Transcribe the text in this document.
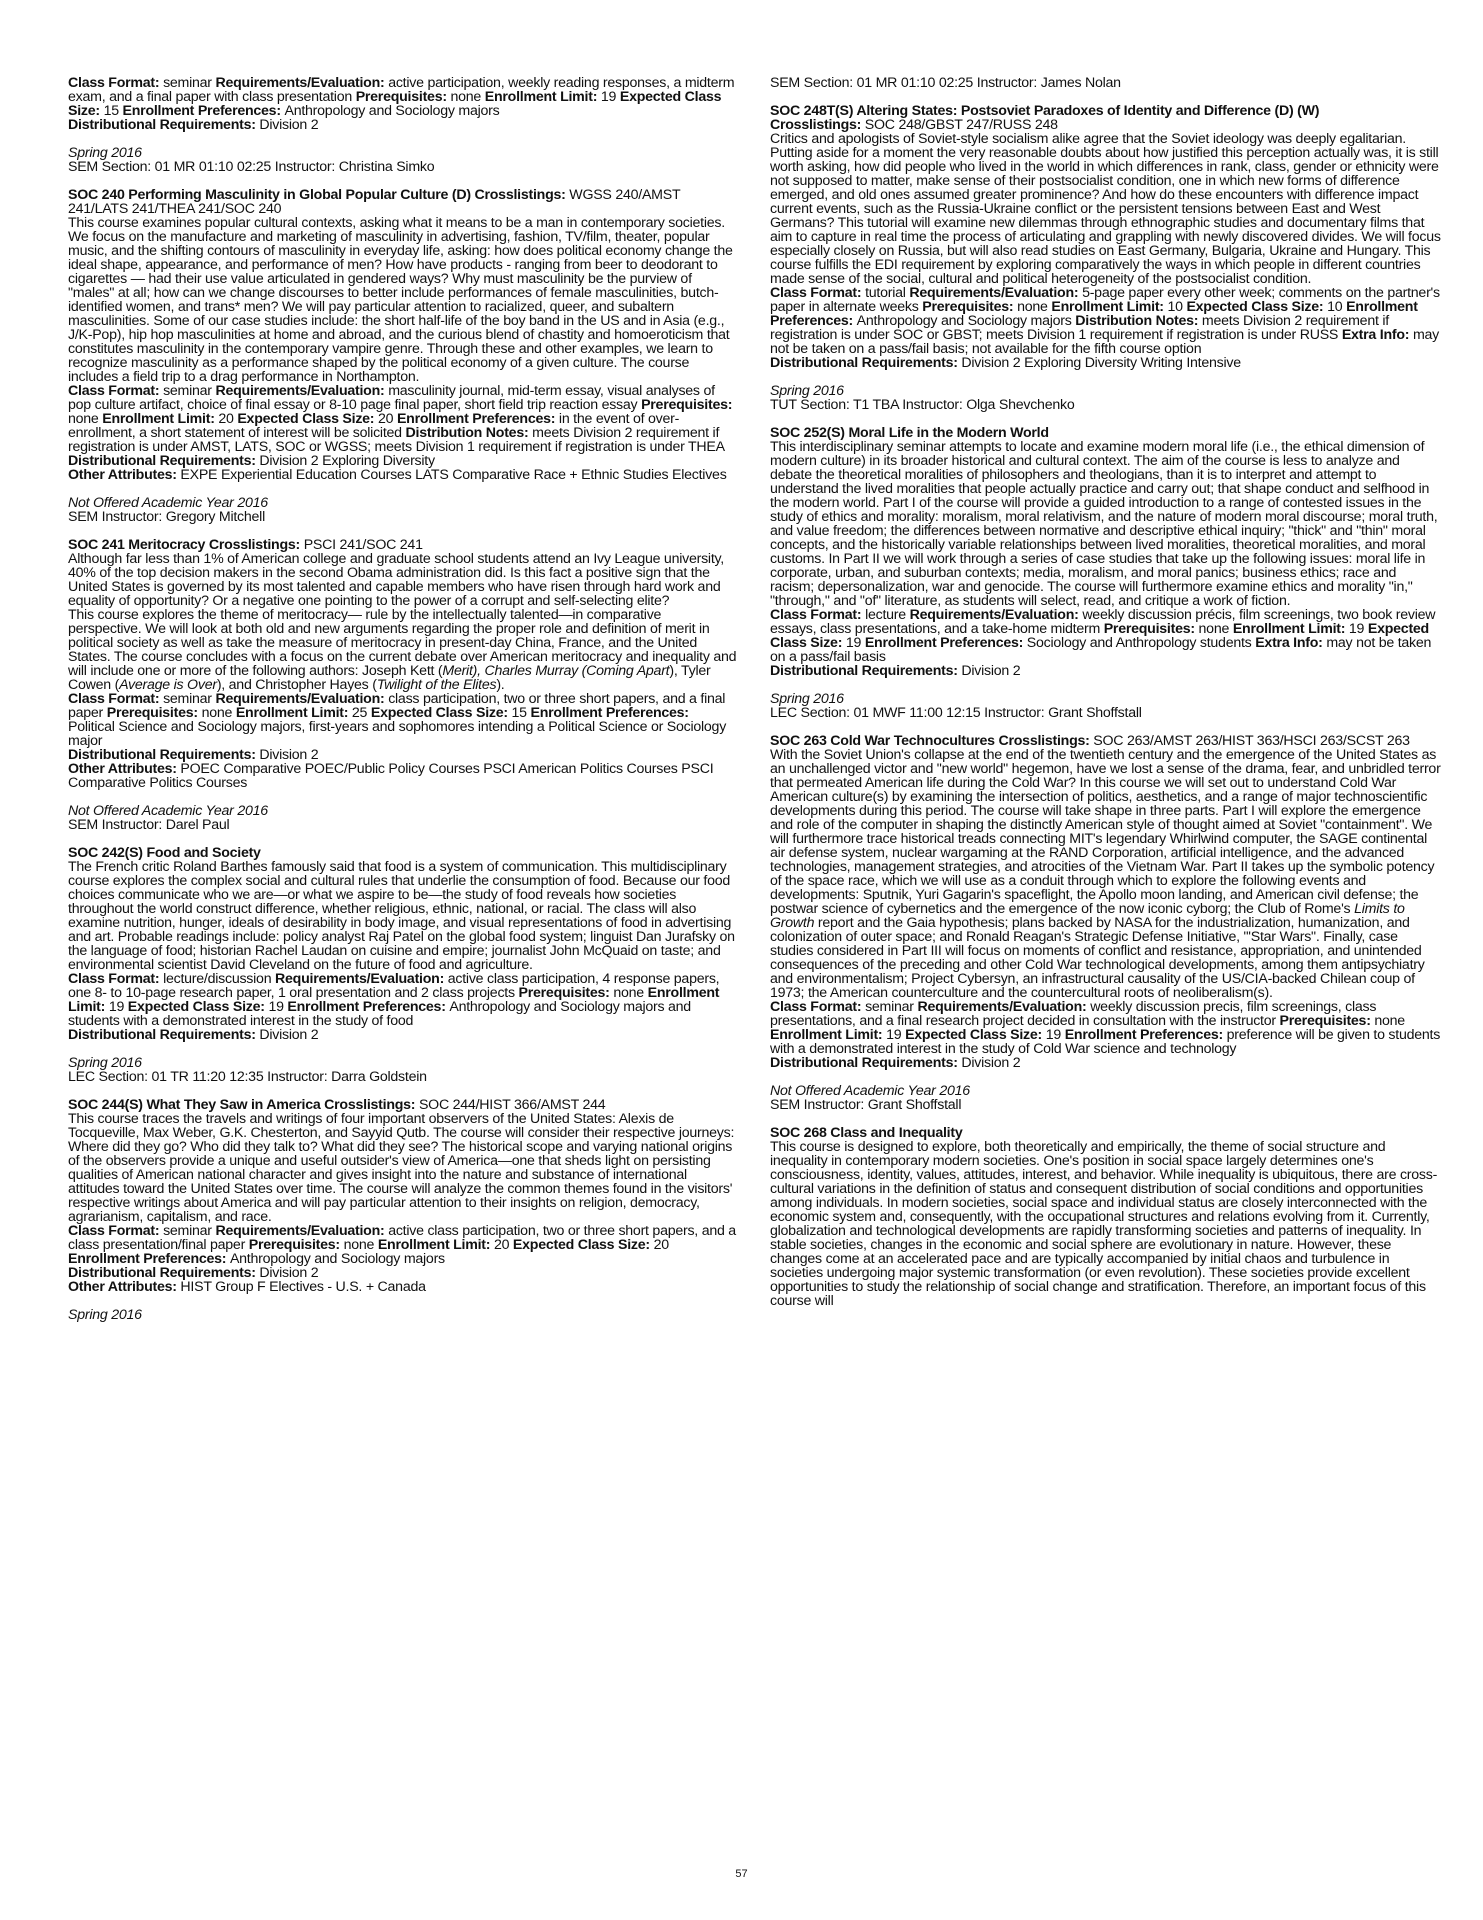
Class Format: seminar Requirements/Evaluation: active participation, weekly reading responses, a midterm exam, and a final paper with class presentation Prerequisites: none Enrollment Limit: 19 Expected Class Size: 15 Enrollment Preferences: Anthropology and Sociology majors
Distributional Requirements: Division 2
Spring 2016
SEM Section: 01 MR 01:10 02:25 Instructor: Christina Simko
SOC 240 Performing Masculinity in Global Popular Culture (D) Crosslistings: WGSS 240/AMST 241/LATS 241/THEA 241/SOC 240
This course examines popular cultural contexts, asking what it means to be a man in contemporary societies. We focus on the manufacture and marketing of masculinity in advertising, fashion, TV/film, theater, popular music, and the shifting contours of masculinity in everyday life, asking: how does political economy change the ideal shape, appearance, and performance of men? How have products - ranging from beer to deodorant to cigarettes — had their use value articulated in gendered ways? Why must masculinity be the purview of "males" at all; how can we change discourses to better include performances of female masculinities, butch-identified women, and trans* men? We will pay particular attention to racialized, queer, and subaltern masculinities. Some of our case studies include: the short half-life of the boy band in the US and in Asia (e.g., J/K-Pop), hip hop masculinities at home and abroad, and the curious blend of chastity and homoeroticism that constitutes masculinity in the contemporary vampire genre. Through these and other examples, we learn to recognize masculinity as a performance shaped by the political economy of a given culture. The course includes a field trip to a drag performance in Northampton.
Class Format: seminar Requirements/Evaluation: masculinity journal, mid-term essay, visual analyses of pop culture artifact, choice of final essay or 8-10 page final paper, short field trip reaction essay Prerequisites: none Enrollment Limit: 20 Expected Class Size: 20 Enrollment Preferences: in the event of over-enrollment, a short statement of interest will be solicited Distribution Notes: meets Division 2 requirement if registration is under AMST, LATS, SOC or WGSS; meets Division 1 requirement if registration is under THEA
Distributional Requirements: Division 2 Exploring Diversity
Other Attributes: EXPE Experiential Education Courses LATS Comparative Race + Ethnic Studies Electives
Not Offered Academic Year 2016
SEM Instructor: Gregory Mitchell
SOC 241 Meritocracy Crosslistings: PSCI 241/SOC 241
Although far less than 1% of American college and graduate school students attend an Ivy League university, 40% of the top decision makers in the second Obama administration did. Is this fact a positive sign that the United States is governed by its most talented and capable members who have risen through hard work and equality of opportunity? Or a negative one pointing to the power of a corrupt and self-selecting elite?
This course explores the theme of meritocracy— rule by the intellectually talented—in comparative perspective. We will look at both old and new arguments regarding the proper role and definition of merit in political society as well as take the measure of meritocracy in present-day China, France, and the United States. The course concludes with a focus on the current debate over American meritocracy and inequality and will include one or more of the following authors: Joseph Kett (Merit), Charles Murray (Coming Apart), Tyler Cowen (Average is Over), and Christopher Hayes (Twilight of the Elites).
Class Format: seminar Requirements/Evaluation: class participation, two or three short papers, and a final paper Prerequisites: none Enrollment Limit: 25 Expected Class Size: 15 Enrollment Preferences: Political Science and Sociology majors, first-years and sophomores intending a Political Science or Sociology major
Distributional Requirements: Division 2
Other Attributes: POEC Comparative POEC/Public Policy Courses PSCI American Politics Courses PSCI Comparative Politics Courses
Not Offered Academic Year 2016
SEM Instructor: Darel Paul
SOC 242(S) Food and Society
The French critic Roland Barthes famously said that food is a system of communication. This multidisciplinary course explores the complex social and cultural rules that underlie the consumption of food. Because our food choices communicate who we are—or what we aspire to be—the study of food reveals how societies throughout the world construct difference, whether religious, ethnic, national, or racial. The class will also examine nutrition, hunger, ideals of desirability in body image, and visual representations of food in advertising and art. Probable readings include: policy analyst Raj Patel on the global food system; linguist Dan Jurafsky on the language of food; historian Rachel Laudan on cuisine and empire; journalist John McQuaid on taste; and environmental scientist David Cleveland on the future of food and agriculture.
Class Format: lecture/discussion Requirements/Evaluation: active class participation, 4 response papers, one 8- to 10-page research paper, 1 oral presentation and 2 class projects Prerequisites: none Enrollment Limit: 19 Expected Class Size: 19 Enrollment Preferences: Anthropology and Sociology majors and students with a demonstrated interest in the study of food
Distributional Requirements: Division 2
Spring 2016
LEC Section: 01 TR 11:20 12:35 Instructor: Darra Goldstein
SOC 244(S) What They Saw in America Crosslistings: SOC 244/HIST 366/AMST 244
This course traces the travels and writings of four important observers of the United States: Alexis de Tocqueville, Max Weber, G.K. Chesterton, and Sayyid Qutb. The course will consider their respective journeys: Where did they go? Who did they talk to? What did they see? The historical scope and varying national origins of the observers provide a unique and useful outsider's view of America—one that sheds light on persisting qualities of American national character and gives insight into the nature and substance of international attitudes toward the United States over time. The course will analyze the common themes found in the visitors' respective writings about America and will pay particular attention to their insights on religion, democracy, agrarianism, capitalism, and race.
Class Format: seminar Requirements/Evaluation: active class participation, two or three short papers, and a class presentation/final paper Prerequisites: none Enrollment Limit: 20 Expected Class Size: 20 Enrollment Preferences: Anthropology and Sociology majors
Distributional Requirements: Division 2
Other Attributes: HIST Group F Electives - U.S. + Canada
Spring 2016
SEM Section: 01 MR 01:10 02:25 Instructor: James Nolan
SOC 248T(S) Altering States: Postsoviet Paradoxes of Identity and Difference (D) (W)
Crosslistings: SOC 248/GBST 247/RUSS 248
Critics and apologists of Soviet-style socialism alike agree that the Soviet ideology was deeply egalitarian. Putting aside for a moment the very reasonable doubts about how justified this perception actually was, it is still worth asking, how did people who lived in the world in which differences in rank, class, gender or ethnicity were not supposed to matter, make sense of their postsocialist condition, one in which new forms of difference emerged, and old ones assumed greater prominence? And how do these encounters with difference impact current events, such as the Russia-Ukraine conflict or the persistent tensions between East and West Germans? This tutorial will examine new dilemmas through ethnographic studies and documentary films that aim to capture in real time the process of articulating and grappling with newly discovered divides. We will focus especially closely on Russia, but will also read studies on East Germany, Bulgaria, Ukraine and Hungary. This course fulfills the EDI requirement by exploring comparatively the ways in which people in different countries made sense of the social, cultural and political heterogeneity of the postsocialist condition.
Class Format: tutorial Requirements/Evaluation: 5-page paper every other week; comments on the partner's paper in alternate weeks Prerequisites: none Enrollment Limit: 10 Expected Class Size: 10 Enrollment Preferences: Anthropology and Sociology majors Distribution Notes: meets Division 2 requirement if registration is under SOC or GBST; meets Division 1 requirement if registration is under RUSS Extra Info: may not be taken on a pass/fail basis; not available for the fifth course option
Distributional Requirements: Division 2 Exploring Diversity Writing Intensive
Spring 2016
TUT Section: T1 TBA Instructor: Olga Shevchenko
SOC 252(S) Moral Life in the Modern World
This interdisciplinary seminar attempts to locate and examine modern moral life (i.e., the ethical dimension of modern culture) in its broader historical and cultural context. The aim of the course is less to analyze and debate the theoretical moralities of philosophers and theologians, than it is to interpret and attempt to understand the lived moralities that people actually practice and carry out; that shape conduct and selfhood in the modern world. Part I of the course will provide a guided introduction to a range of contested issues in the study of ethics and morality: moralism, moral relativism, and the nature of modern moral discourse; moral truth, and value freedom; the differences between normative and descriptive ethical inquiry; "thick" and "thin" moral concepts, and the historically variable relationships between lived moralities, theoretical moralities, and moral customs. In Part II we will work through a series of case studies that take up the following issues: moral life in corporate, urban, and suburban contexts; media, moralism, and moral panics; business ethics; race and racism; depersonalization, war and genocide. The course will furthermore examine ethics and morality "in," "through," and "of" literature, as students will select, read, and critique a work of fiction.
Class Format: lecture Requirements/Evaluation: weekly discussion précis, film screenings, two book review essays, class presentations, and a take-home midterm Prerequisites: none Enrollment Limit: 19 Expected Class Size: 19 Enrollment Preferences: Sociology and Anthropology students Extra Info: may not be taken on a pass/fail basis
Distributional Requirements: Division 2
Spring 2016
LEC Section: 01 MWF 11:00 12:15 Instructor: Grant Shoffstall
SOC 263 Cold War Technocultures Crosslistings: SOC 263/AMST 263/HIST 363/HSCI 263/SCST 263
With the Soviet Union's collapse at the end of the twentieth century and the emergence of the United States as an unchallenged victor and "new world" hegemon, have we lost a sense of the drama, fear, and unbridled terror that permeated American life during the Cold War? In this course we will set out to understand Cold War American culture(s) by examining the intersection of politics, aesthetics, and a range of major technoscientific developments during this period. The course will take shape in three parts. Part I will explore the emergence and role of the computer in shaping the distinctly American style of thought aimed at Soviet "containment". We will furthermore trace historical treads connecting MIT's legendary Whirlwind computer, the SAGE continental air defense system, nuclear wargaming at the RAND Corporation, artificial intelligence, and the advanced technologies, management strategies, and atrocities of the Vietnam War. Part II takes up the symbolic potency of the space race, which we will use as a conduit through which to explore the following events and developments: Sputnik, Yuri Gagarin's spaceflight, the Apollo moon landing, and American civil defense; the postwar science of cybernetics and the emergence of the now iconic cyborg; the Club of Rome's Limits to Growth report and the Gaia hypothesis; plans backed by NASA for the industrialization, humanization, and colonization of outer space; and Ronald Reagan's Strategic Defense Initiative, "'Star Wars". Finally, case studies considered in Part III will focus on moments of conflict and resistance, appropriation, and unintended consequences of the preceding and other Cold War technological developments, among them antipsychiatry and environmentalism; Project Cybersyn, an infrastructural causality of the US/CIA-backed Chilean coup of 1973; the American counterculture and the countercultural roots of neoliberalism(s).
Class Format: seminar Requirements/Evaluation: weekly discussion precis, film screenings, class presentations, and a final research project decided in consultation with the instructor Prerequisites: none Enrollment Limit: 19 Expected Class Size: 19 Enrollment Preferences: preference will be given to students with a demonstrated interest in the study of Cold War science and technology
Distributional Requirements: Division 2
Not Offered Academic Year 2016
SEM Instructor: Grant Shoffstall
SOC 268 Class and Inequality
This course is designed to explore, both theoretically and empirically, the theme of social structure and inequality in contemporary modern societies. One's position in social space largely determines one's consciousness, identity, values, attitudes, interest, and behavior. While inequality is ubiquitous, there are cross-cultural variations in the definition of status and consequent distribution of social conditions and opportunities among individuals. In modern societies, social space and individual status are closely interconnected with the economic system and, consequently, with the occupational structures and relations evolving from it. Currently, globalization and technological developments are rapidly transforming societies and patterns of inequality. In stable societies, changes in the economic and social sphere are evolutionary in nature. However, these changes come at an accelerated pace and are typically accompanied by initial chaos and turbulence in societies undergoing major systemic transformation (or even revolution). These societies provide excellent opportunities to study the relationship of social change and stratification. Therefore, an important focus of this course will
57
